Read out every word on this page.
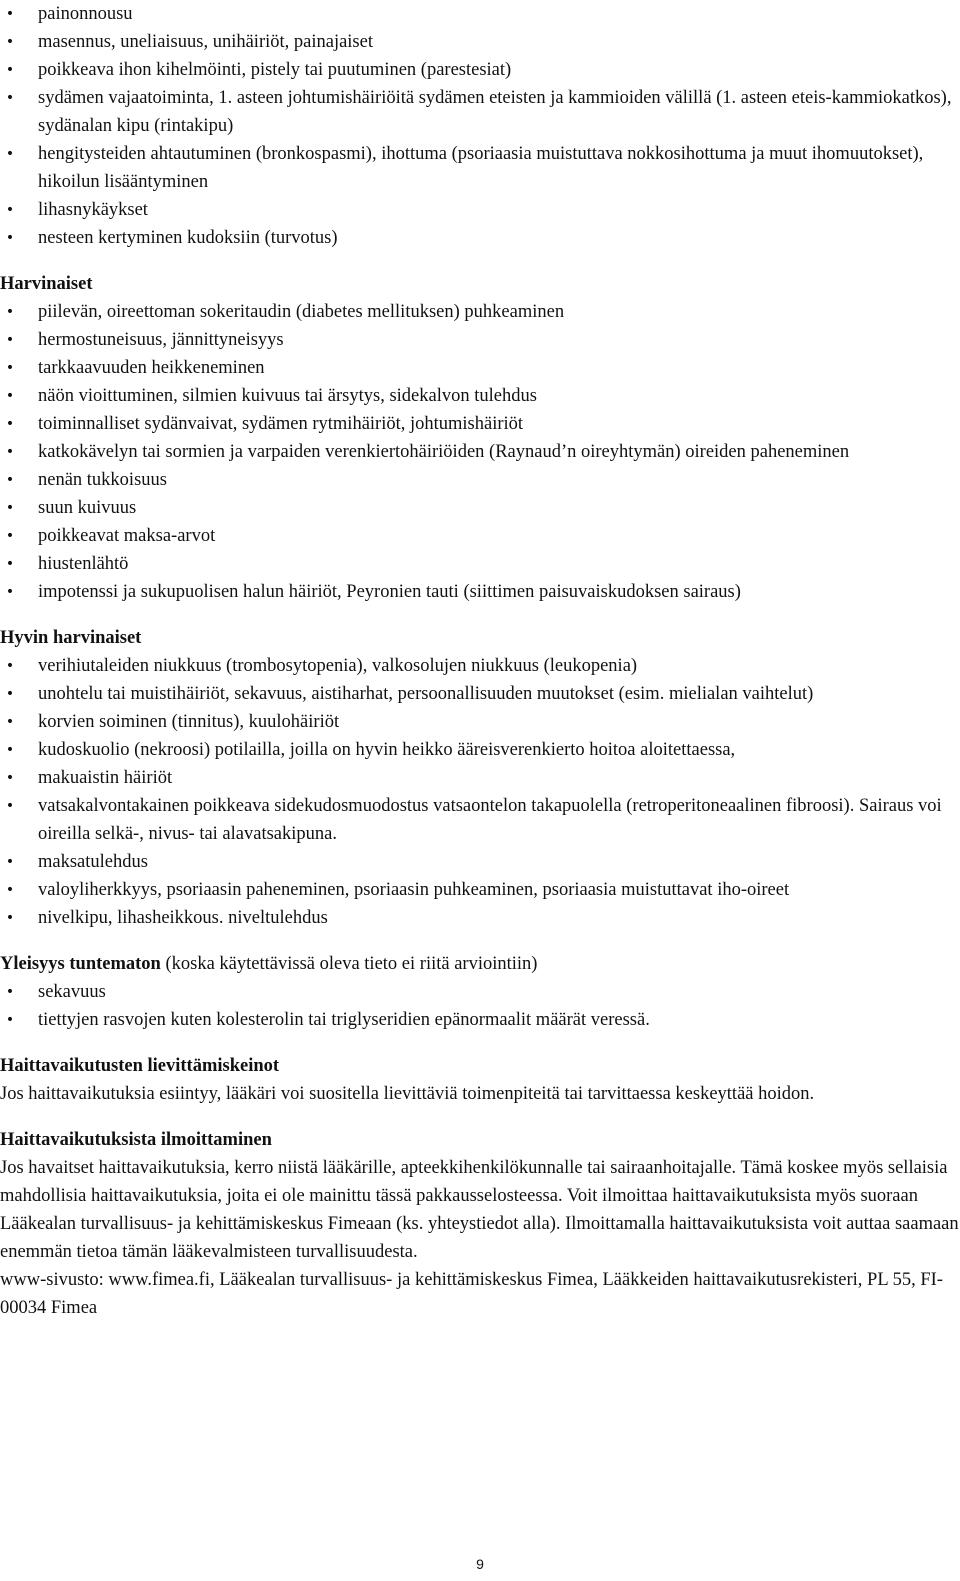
•	painonnousu
•	masennus, uneliaisuus, unihäiriöt, painajaiset
•	poikkeava ihon kihelmöinti, pistely tai puutuminen (parestesiat)
•	sydämen vajaatoiminta, 1. asteen johtumishäiriöitä sydämen eteisten ja kammioiden välillä (1. asteen eteis-kammiokatkos), sydänalan kipu (rintakipu)
•	hengitysteiden ahtautuminen (bronkospasmi), ihottuma (psoriaasia muistuttava nokkosihottuma ja muut ihomuutokset), hikoilun lisääntyminen
•	lihasnykäykset
•	nesteen kertyminen kudoksiin (turvotus)
Harvinaiset
•	piilevän, oireettoman sokeritaudin (diabetes mellituksen) puhkeaminen
•	hermostuneisuus, jännittyneisyys
•	tarkkaavuuden heikkeneminen
•	näön vioittuminen, silmien kuivuus tai ärsytys, sidekalvon tulehdus
•	toiminnalliset sydänvaivat, sydämen rytmihäiriöt, johtumishäiriöt
•	katkokävelyn tai sormien ja varpaiden verenkiertohäiriöiden (Raynaud’n oireyhtymän) oireiden paheneminen
•	nenän tukkoisuus
•	suun kuivuus
•	poikkeavat maksa-arvot
•	hiustenlähtö
•	impotenssi ja sukupuolisen halun häiriöt, Peyronien tauti (siittimen paisuvaiskudoksen sairaus)
Hyvin harvinaiset
•	verihiutaleiden niukkuus (trombosytopenia), valkosolujen niukkuus (leukopenia)
•	unohtelu tai muistihäiriöt, sekavuus, aistiharhat, persoonallisuuden muutokset (esim. mielialan vaihtelut)
•	korvien soiminen (tinnitus), kuulohäiriöt
•	kudoskuolio (nekroosi) potilailla, joilla on hyvin heikko ääreisverenkierto hoitoa aloitettaessa,
•	makuaistin häiriöt
•	vatsakalvontakainen poikkeava sidekudosmuodostus vatsaontelon takapuolella (retroperitoneaalinen fibroosi). Sairaus voi oireilla selkä-, nivus- tai alavatsakipuna.
•	maksatulehdus
•	valoyliherkkyys, psoriaasin paheneminen, psoriaasin puhkeaminen, psoriaasia muistuttavat iho-oireet
•	nivelkipu, lihasheikkous. niveltulehdus
Yleisyys tuntematon (koska käytettävissä oleva tieto ei riitä arviointiin)
•	sekavuus
•	tiettyjen rasvojen kuten kolesterolin tai triglyseridien epänormaalit määrät veressä.
Haittavaikutusten lievittämiskeinot

Jos haittavaikutuksia esiintyy, lääkäri voi suositella lievittäviä toimenpiteitä tai tarvittaessa keskeyttää hoidon.

Haittavaikutuksista ilmoittaminen

Jos havaitset haittavaikutuksia, kerro niistä lääkärille, apteekkihenkilökunnalle tai sairaanhoitajalle. Tämä koskee myös sellaisia mahdollisia haittavaikutuksia, joita ei ole mainittu tässä pakkausselosteessa. Voit ilmoittaa haittavaikutuksista myös suoraan Lääkealan turvallisuus- ja kehittämiskeskus Fimeaan (ks. yhteystiedot alla). Ilmoittamalla haittavaikutuksista voit auttaa saamaan enemmän tietoa tämän lääkevalmisteen turvallisuudesta.

www-sivusto: www.fimea.fi, Lääkealan turvallisuus- ja kehittämiskeskus Fimea, Lääkkeiden haittavaikutusrekisteri, PL 55, FI-00034 Fimea

9
